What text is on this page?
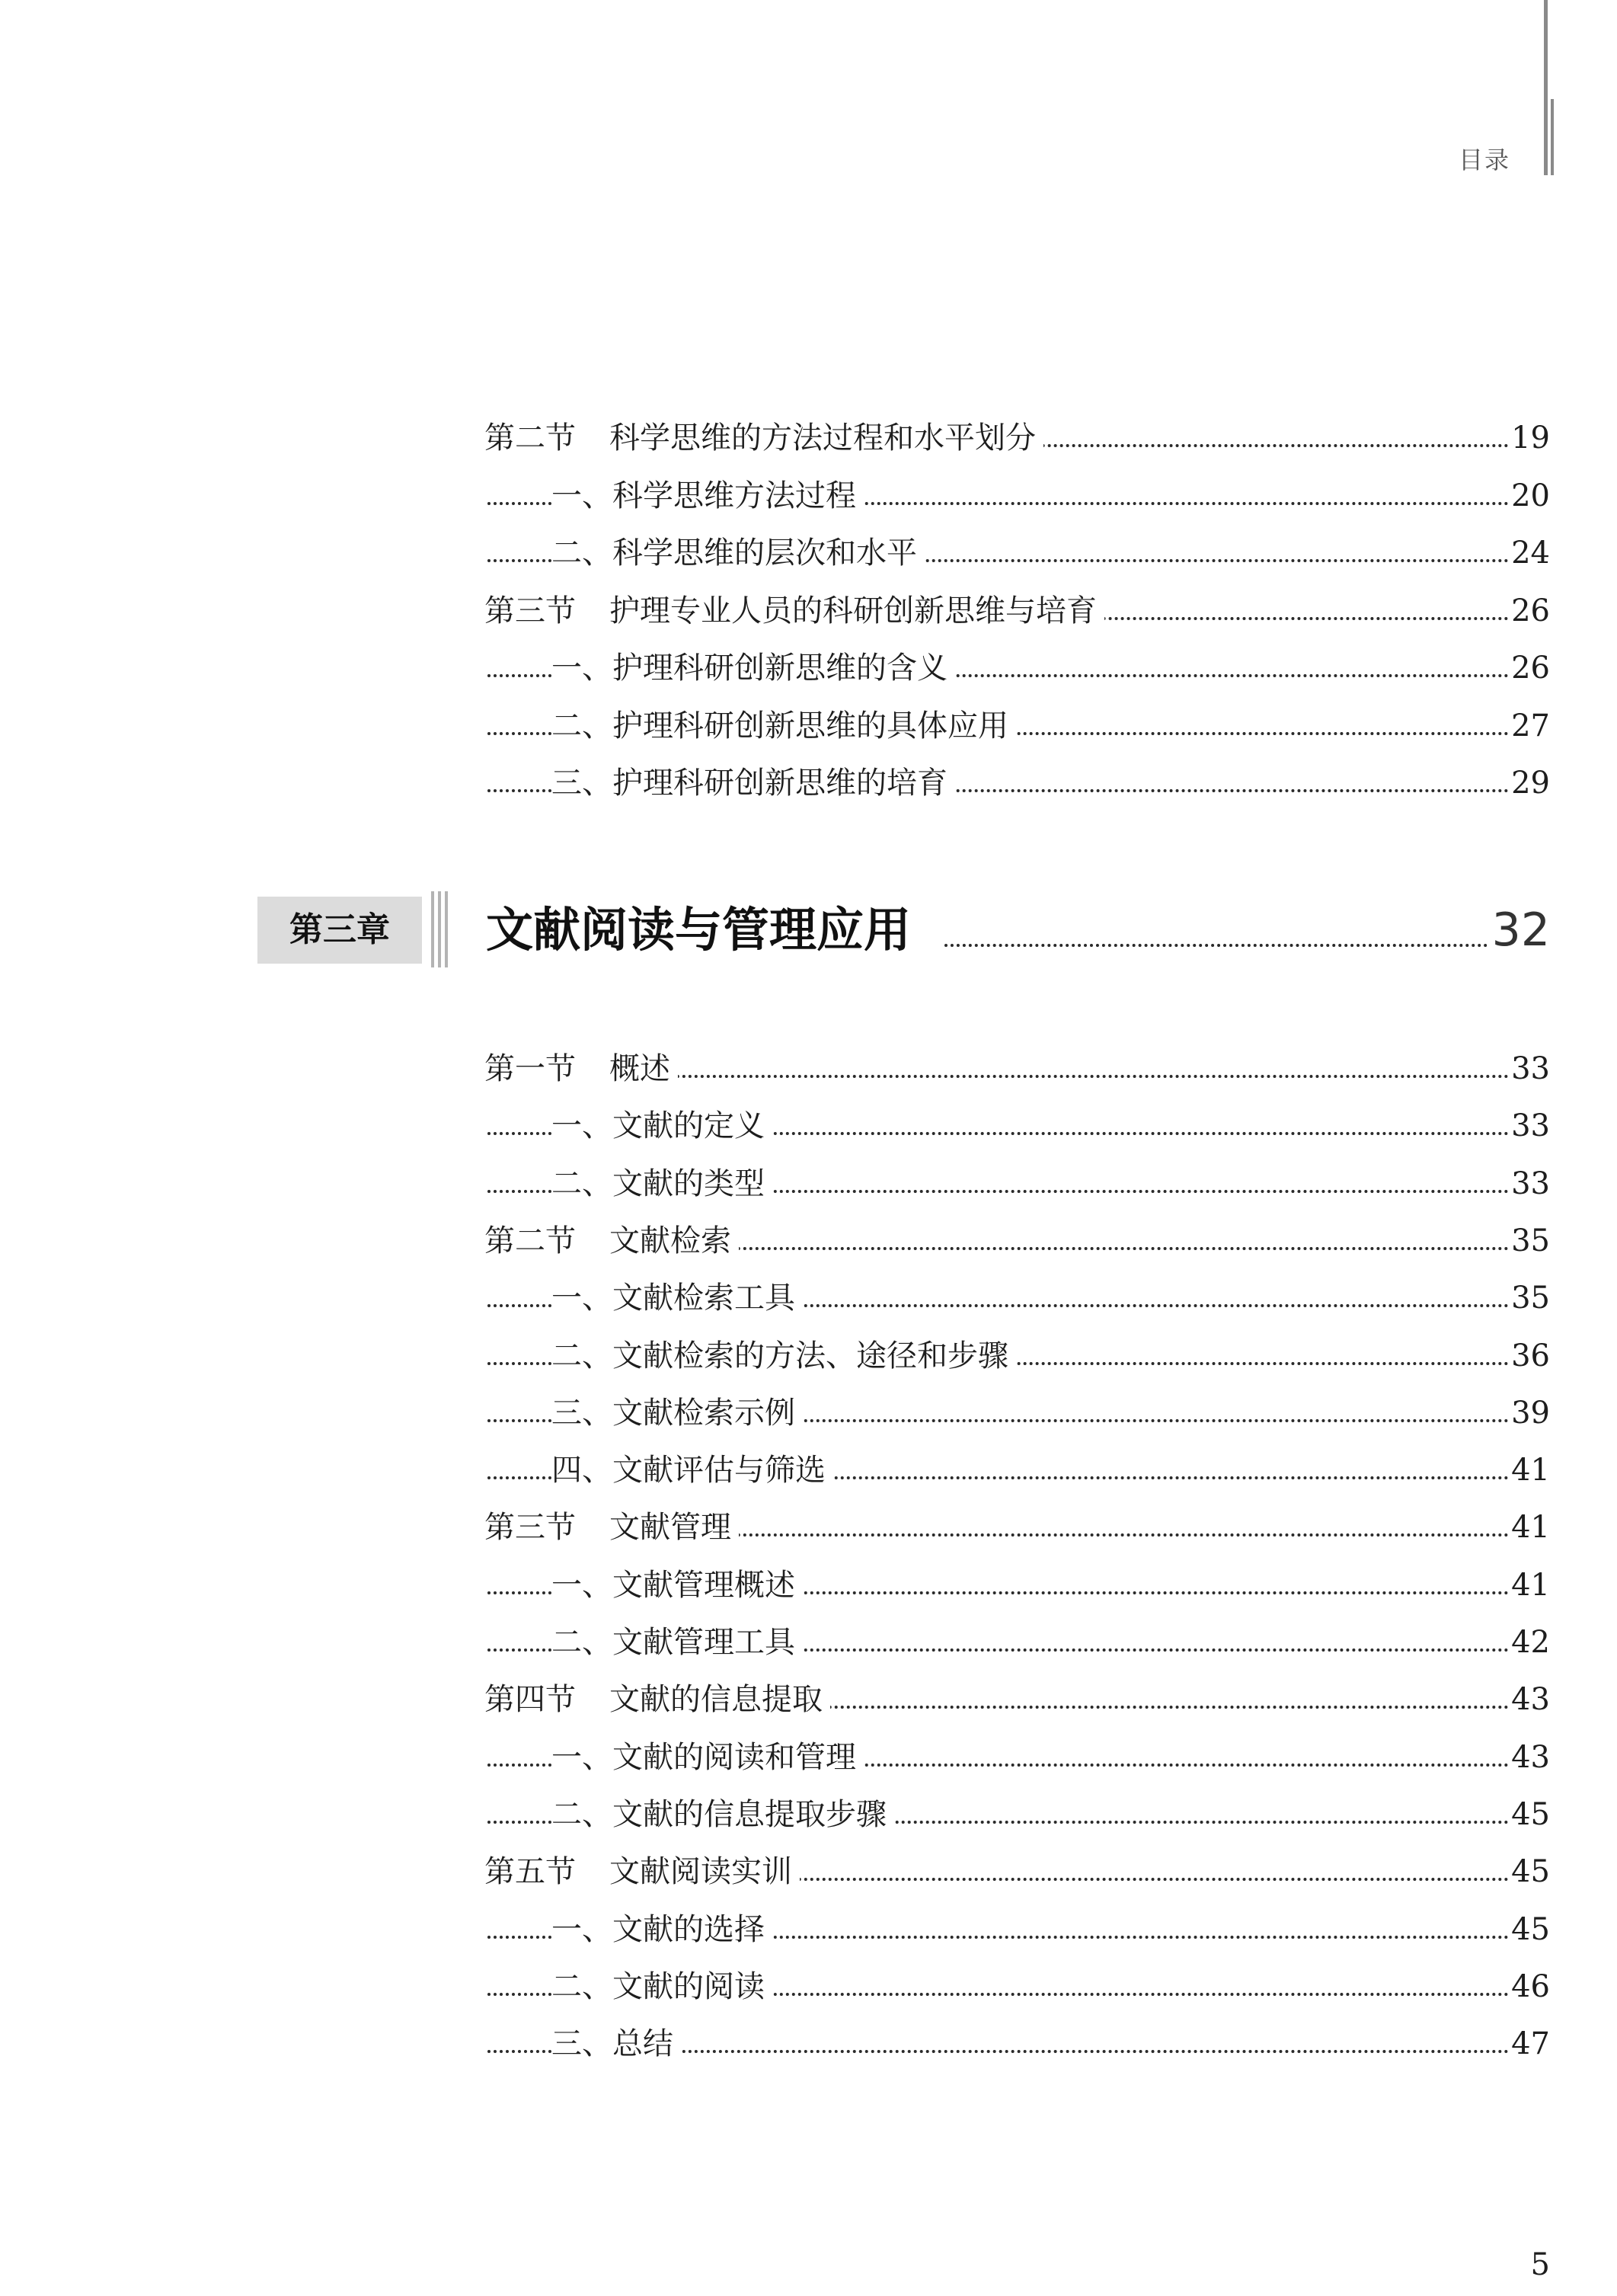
目录
第二节 科学思维的方法过程和水平划分	19
一、科学思维方法过程	20
二、科学思维的层次和水平	24
第三节 护理专业人员的科研创新思维与培育	26
一、护理科研创新思维的含义	26
二、护理科研创新思维的具体应用	27
三、护理科研创新思维的培育	29
第三章	文献阅读与管理应用	32
第一节 概述	33
一、文献的定义	33
二、文献的类型	33
第二节 文献检索	35
一、文献检索工具	35
二、文献检索的方法、途径和步骤	36
三、文献检索示例	39
四、文献评估与筛选	41
第三节 文献管理	41
一、文献管理概述	41
二、文献管理工具	42
第四节 文献的信息提取	43
一、文献的阅读和管理	43
二、文献的信息提取步骤	45
第五节 文献阅读实训	45
一、文献的选择	45
二、文献的阅读	46
三、总结	47
5
